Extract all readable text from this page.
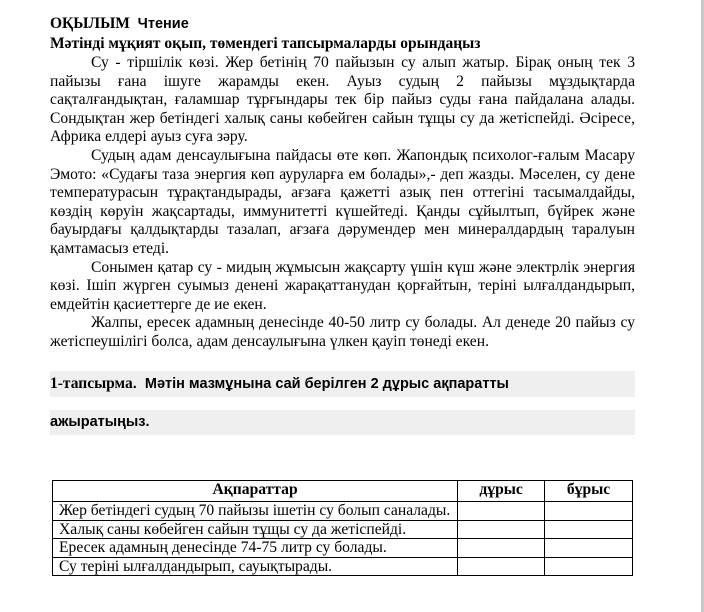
ОҚЫЛЫМ Чтение
Мәтінді мұқият оқып, төмендегі тапсырмаларды орындаңыз

Су - тіршілік көзі. Жер бетінің 70 пайызын су алып жатыр. Бірақ оның тек 3 пайызы ғана ішуге жарамды екен. Ауыз судың 2 пайызы мұздықтарда сақталғандықтан, ғаламшар тұрғындары тек бір пайыз суды ғана пайдалана алады. Сондықтан жер бетіндегі халық саны көбейген сайын тұщы су да жетіспейді. Әсіресе, Африка елдері ауыз суға зәру.

Судың адам денсаулығына пайдасы өте көп. Жапондық психолог-ғалым Масару Эмото: «Судағы таза энергия көп ауруларға ем болады»,- деп жазды. Мәселен, су дене температурасын тұрақтандырады, ағзаға қажетті азық пен оттегіні тасымалдайды, көздің көруін жақсартады, иммунитетті күшейтеді. Қанды сұйылтып, бүйрек және бауырдағы қалдықтарды тазалап, ағзаға дәрумендер мен минералдардың таралуын қамтамасыз етеді.

Сонымен қатар су - мидың жұмысын жақсарту үшін күш және электрлік энергия көзі. Ішіп жүрген суымыз денені жарақаттанудан қорғайтын, теріні ылғалдандырып, емдейтін қасиеттерге де ие екен.

Жалпы, ересек адамның денесінде 40-50 литр су болады. Ал денеде 20 пайыз су жетіспеушілігі болса, адам денсаулығына үлкен қауіп төнеді екен.

1-тапсырма.  Мәтін мазмұнына сай берілген 2 дұрыс ақпаратты
ажыратыңыз.
Ақпараттар	дұрыс	бұрыс
Жер бетіндегі судың 70 пайызы ішетін су болып саналады.		
Халық саны көбейген сайын тұщы су да жетіспейді.		
Ересек адамның денесінде 74-75 литр су болады.		
Су теріні ылғалдандырып, сауықтырады.		
